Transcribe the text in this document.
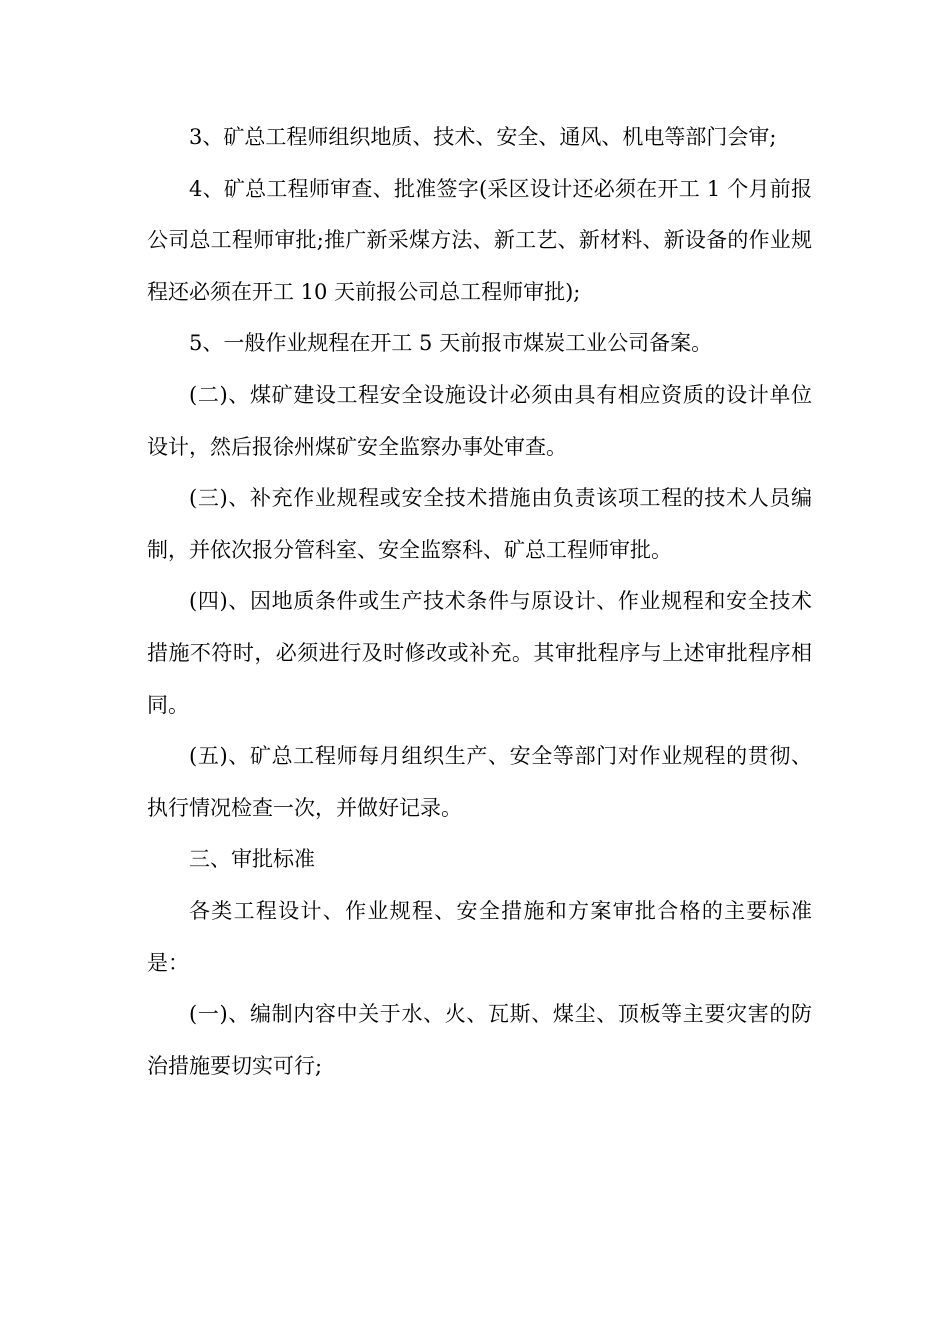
3、矿总工程师组织地质、技术、安全、通风、机电等部门会审;

4、矿总工程师审查、批准签字(采区设计还必须在开工 1 个月前报公司总工程师审批;推广新采煤方法、新工艺、新材料、新设备的作业规程还必须在开工 10 天前报公司总工程师审批);

5、一般作业规程在开工 5 天前报市煤炭工业公司备案。

(二)、煤矿建设工程安全设施设计必须由具有相应资质的设计单位设计，然后报徐州煤矿安全监察办事处审查。

(三)、补充作业规程或安全技术措施由负责该项工程的技术人员编制，并依次报分管科室、安全监察科、矿总工程师审批。

(四)、因地质条件或生产技术条件与原设计、作业规程和安全技术措施不符时，必须进行及时修改或补充。其审批程序与上述审批程序相同。

(五)、矿总工程师每月组织生产、安全等部门对作业规程的贯彻、执行情况检查一次，并做好记录。

三、审批标准

各类工程设计、作业规程、安全措施和方案审批合格的主要标准是：

(一)、编制内容中关于水、火、瓦斯、煤尘、顶板等主要灾害的防治措施要切实可行;
